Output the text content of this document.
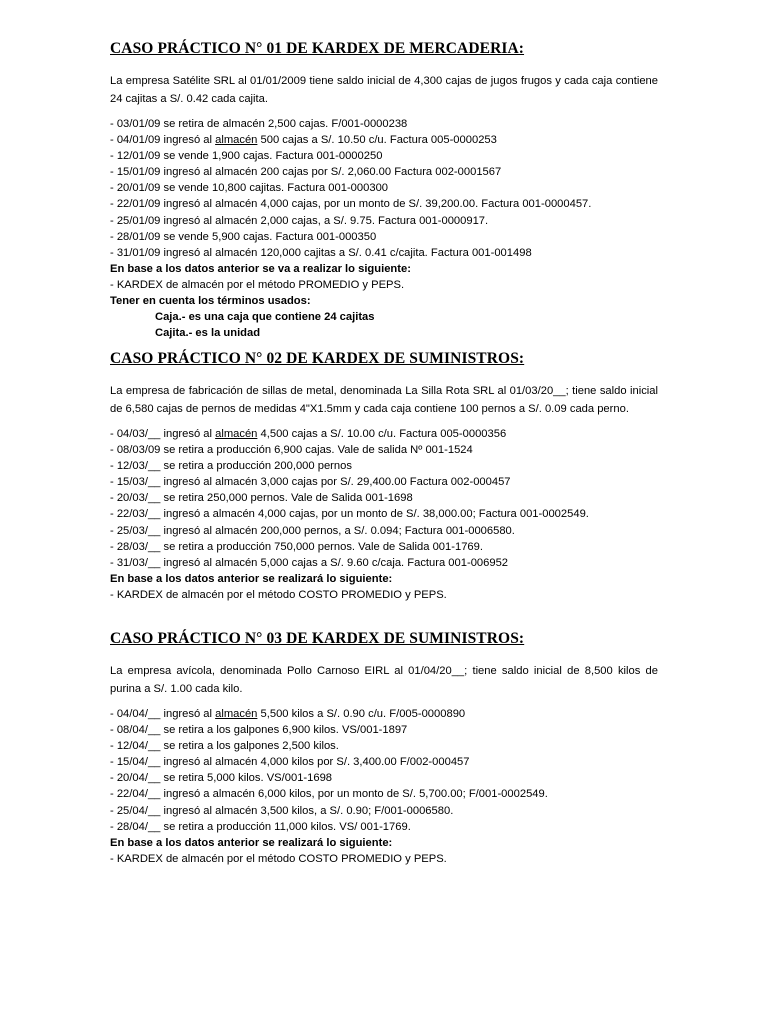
CASO PRÁCTICO N° 01 DE KARDEX DE MERCADERIA:

La empresa Satélite SRL al 01/01/2009 tiene saldo inicial de 4,300 cajas de jugos frugos y cada caja contiene 24 cajitas a S/. 0.42 cada cajita.

- 03/01/09 se retira de almacén 2,500 cajas. F/001-0000238
- 04/01/09 ingresó al almacén 500 cajas a S/. 10.50 c/u. Factura 005-0000253
- 12/01/09 se vende 1,900 cajas. Factura 001-0000250
- 15/01/09 ingresó al almacén 200 cajas por S/. 2,060.00 Factura 002-0001567
- 20/01/09 se vende 10,800 cajitas. Factura 001-000300
- 22/01/09 ingresó al almacén 4,000 cajas, por un monto de S/. 39,200.00. Factura 001-0000457.
- 25/01/09 ingresó al almacén 2,000 cajas, a S/. 9.75. Factura 001-0000917.
- 28/01/09 se vende 5,900 cajas. Factura 001-000350
- 31/01/09 ingresó al almacén 120,000 cajitas a S/. 0.41 c/cajita. Factura 001-001498
En base a los datos anterior se va a realizar lo siguiente:
- KARDEX de almacén por el método PROMEDIO y PEPS.
Tener en cuenta los términos usados:
Caja.- es una caja que contiene 24 cajitas
Cajita.- es la unidad
CASO PRÁCTICO N° 02 DE KARDEX DE SUMINISTROS:

La empresa de fabricación de sillas de metal, denominada La Silla Rota SRL al 01/03/20__; tiene saldo inicial de 6,580 cajas de pernos de medidas 4"X1.5mm y cada caja contiene 100 pernos a S/. 0.09 cada perno.

- 04/03/__ ingresó al almacén 4,500 cajas a S/. 10.00 c/u. Factura 005-0000356
- 08/03/09 se retira a producción 6,900 cajas. Vale de salida Nº 001-1524
- 12/03/__ se retira a producción 200,000 pernos
- 15/03/__ ingresó al almacén 3,000 cajas por S/. 29,400.00 Factura 002-000457
- 20/03/__ se retira 250,000 pernos. Vale de Salida 001-1698
- 22/03/__ ingresó a almacén 4,000 cajas, por un monto de S/. 38,000.00; Factura 001-0002549.
- 25/03/__ ingresó al almacén 200,000 pernos, a S/. 0.094; Factura 001-0006580.
- 28/03/__ se retira a producción 750,000 pernos. Vale de Salida 001-1769.
- 31/03/__ ingresó al almacén 5,000 cajas a S/. 9.60 c/caja. Factura 001-006952
En base a los datos anterior se realizará lo siguiente:
- KARDEX de almacén por el método COSTO PROMEDIO y PEPS.
CASO PRÁCTICO N° 03 DE KARDEX DE SUMINISTROS:

La empresa avícola, denominada Pollo Carnoso EIRL al 01/04/20__; tiene saldo inicial de 8,500 kilos de purina a S/. 1.00 cada kilo.

- 04/04/__ ingresó al almacén 5,500 kilos a S/. 0.90 c/u. F/005-0000890
- 08/04/__ se retira a los galpones 6,900 kilos. VS/001-1897
- 12/04/__ se retira a los galpones 2,500 kilos.
- 15/04/__ ingresó al almacén 4,000 kilos por S/. 3,400.00 F/002-000457
- 20/04/__ se retira 5,000 kilos. VS/001-1698
- 22/04/__ ingresó a almacén 6,000 kilos, por un monto de S/. 5,700.00; F/001-0002549.
- 25/04/__ ingresó al almacén 3,500 kilos, a S/. 0.90; F/001-0006580.
- 28/04/__ se retira a producción 11,000 kilos. VS/ 001-1769.
En base a los datos anterior se realizará lo siguiente:
- KARDEX de almacén por el método COSTO PROMEDIO y PEPS.
